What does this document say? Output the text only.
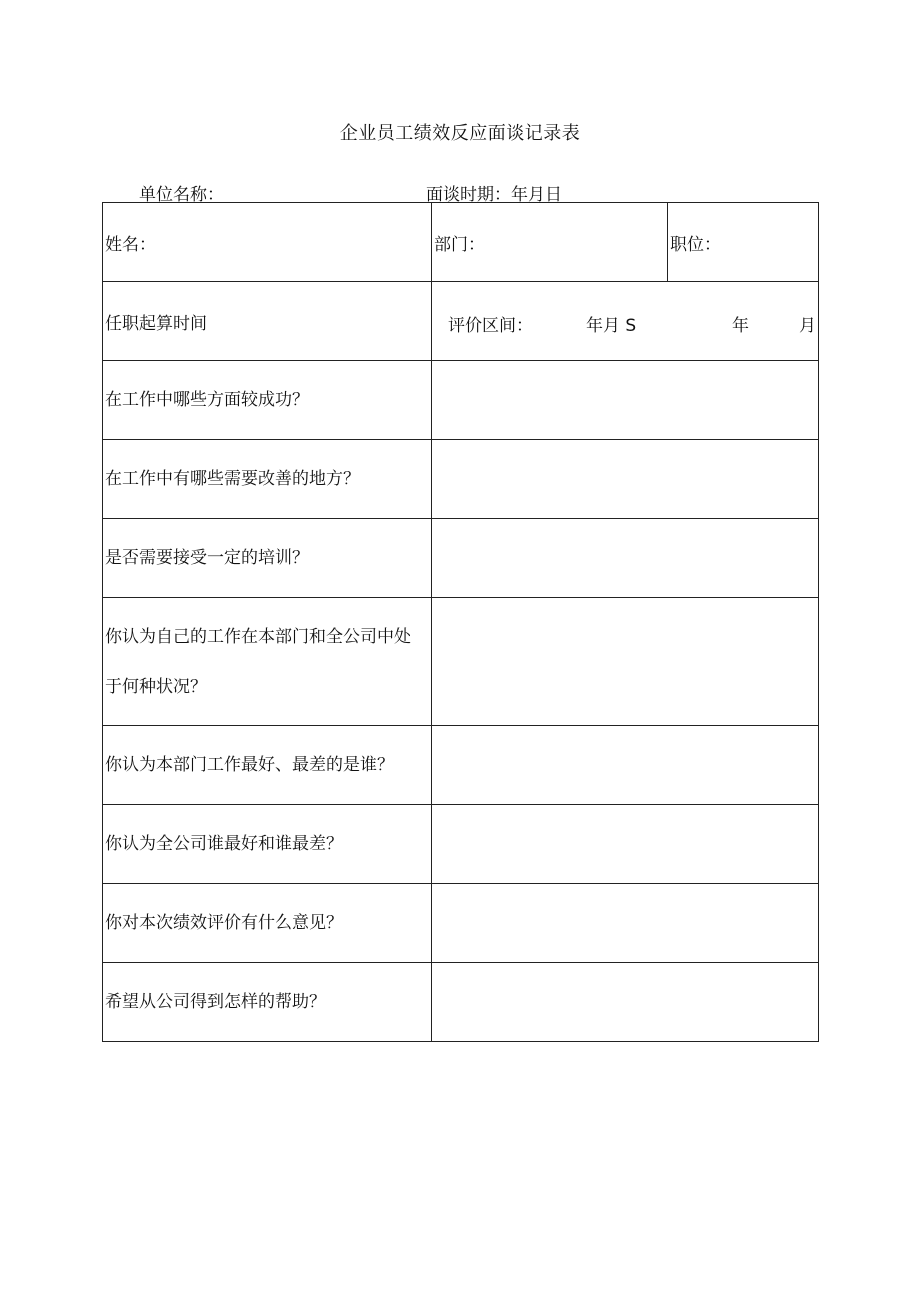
企业员工绩效反应面谈记录表
单位名称：	面谈时期：年月日
姓名：	部门：	职位：

任职起算时间	评价区间： 年月 S 年 月	

在工作中哪些方面较成功？		

在工作中有哪些需要改善的地方？		

是否需要接受一定的培训？		

你认为自己的工作在本部门和全公司中处于何种状况？		

你认为本部门工作最好、最差的是谁？		

你认为全公司谁最好和谁最差？		

你对本次绩效评价有什么意见？		

希望从公司得到怎样的帮助？		
